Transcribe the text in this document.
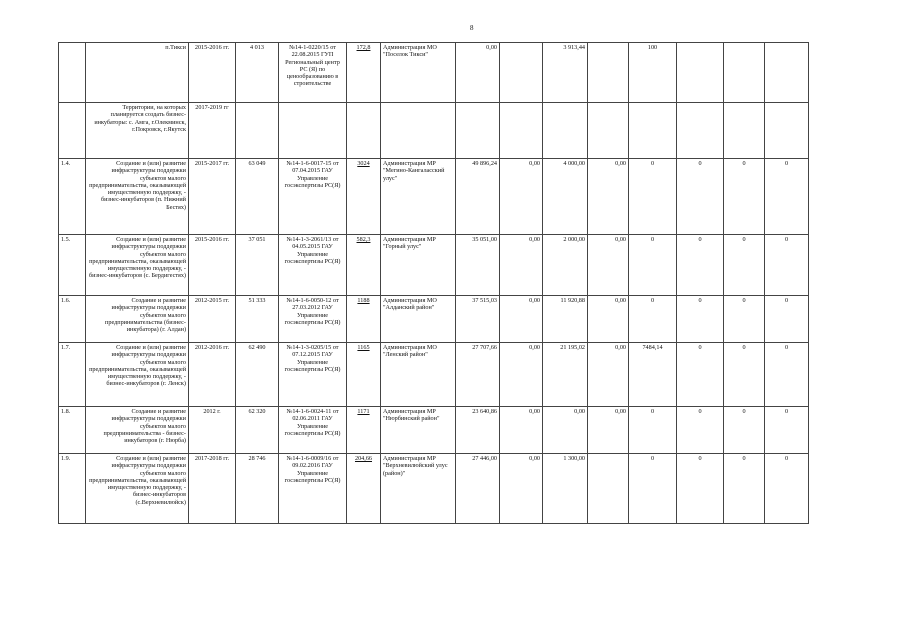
8
	п.Тикси	2015-2016 гг.	4 013	№14-1-0220/15 от 22.08.2015 ГУП Региональный центр РС (Я) по ценообразованию в строительстве	172,8	Администрация МО "Поселок Тикси"	0,00		3 913,44		100			
	Территории, на которых планируется создать бизнес-инкубаторы: с. Амга, г.Олекминск, г.Покровск, г.Якутск	2017-2019 гг												
1.4.	Создание и (или) развитие инфраструктуры поддержки субъектов малого предпринимательства, оказывающей имущественную поддержку, - бизнес-инкубаторов (п. Нижний Бестях)	2015-2017 гг.	63 049	№14-1-6-0017-15 от 07.04.2015 ГАУ Управление госэкспертизы РС(Я)	3024	Администрация МР "Мегино-Кангаласский улус"	49 896,24	0,00	4 000,00	0,00	0	0	0	0
1.5.	Создание и (или) развитие инфраструктуры поддержки субъектов малого предпринимательства, оказывающей имущественную поддержку, - бизнес-инкубаторов (с. Бердигестях)	2015-2016 гг.	37 051	№14-1-3-2061/13 от 04.05.2015 ГАУ Управление госэкспертизы РС(Я)	582,3	Администрация МР "Горный улус"	35 051,00	0,00	2 000,00	0,00	0	0	0	0
1.6.	Создание и развитие инфраструктуры поддержки субъектов малого предпринимательства (бизнес-инкубатора) (г. Алдан)	2012-2015 гг.	51 333	№14-1-6-0050-12 от 27.03.2012 ГАУ Управление госэкспертизы РС(Я)	1188	Администрация МО "Алданский район"	37 515,03	0,00	11 920,88	0,00	0	0	0	0
1.7.	Создание и (или) развитие инфраструктуры поддержки субъектов малого предпринимательства, оказывающей имущественную поддержку, - бизнес-инкубаторов (г. Ленск)	2012-2016 гг.	62 490	№14-1-3-0205/15 от 07.12.2015 ГАУ Управление госэкспертизы РС(Я)	1165	Администрация МО "Ленский район"	27 707,66	0,00	21 195,02	0,00	7484,14	0	0	0
1.8.	Создание и развитие инфраструктуры поддержки субъектов малого предпринимательства - бизнес-инкубаторов (г. Нюрба)	2012 г.	62 320	№14-1-6-0024-11 от 02.06.2011 ГАУ Управление госэкспертизы РС(Я)	1171	Администрация МР "Нюрбинский район"	23 640,86	0,00	0,00	0,00	0	0	0	0
1.9.	Создание и (или) развитие инфраструктуры поддержки субъектов малого предпринимательства, оказывающей имущественную поддержку, - бизнес-инкубаторов (с.Верхневилюйск)	2017-2018 гг.	28 746	№14-1-6-0009/16 от 09.02.2016 ГАУ Управление госэкспертизы РС(Я)	204,66	Администрация МР "Верхневилюйский улус (район)"	27 446,00	0,00	1 300,00		0	0	0	0
